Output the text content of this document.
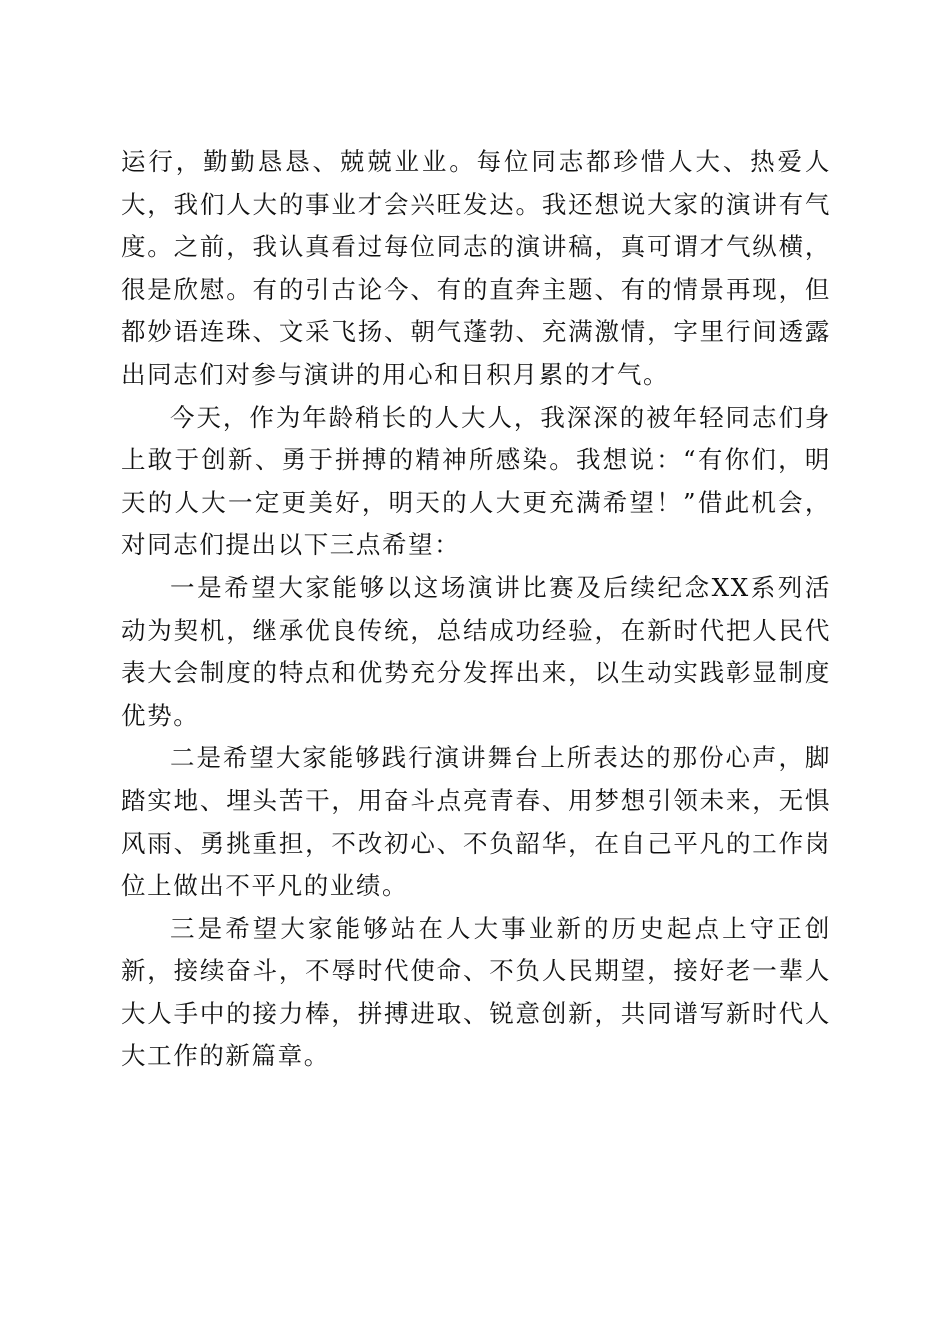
运行，勤勤恳恳、兢兢业业。每位同志都珍惜人大、热爱人大，我们人大的事业才会兴旺发达。我还想说大家的演讲有气度。之前，我认真看过每位同志的演讲稿，真可谓才气纵横，很是欣慰。有的引古论今、有的直奔主题、有的情景再现，但都妙语连珠、文采飞扬、朝气蓬勃、充满激情，字里行间透露出同志们对参与演讲的用心和日积月累的才气。

今天，作为年龄稍长的人大人，我深深的被年轻同志们身上敢于创新、勇于拼搏的精神所感染。我想说：“有你们，明天的人大一定更美好，明天的人大更充满希望！”借此机会，对同志们提出以下三点希望：

一是希望大家能够以这场演讲比赛及后续纪念XX系列活动为契机，继承优良传统，总结成功经验，在新时代把人民代表大会制度的特点和优势充分发挥出来，以生动实践彰显制度优势。

二是希望大家能够践行演讲舞台上所表达的那份心声，脚踏实地、埋头苦干，用奋斗点亮青春、用梦想引领未来，无惧风雨、勇挑重担，不改初心、不负韶华，在自己平凡的工作岗位上做出不平凡的业绩。

三是希望大家能够站在人大事业新的历史起点上守正创新，接续奋斗，不辱时代使命、不负人民期望，接好老一辈人大人手中的接力棒，拼搏进取、锐意创新，共同谱写新时代人大工作的新篇章。
